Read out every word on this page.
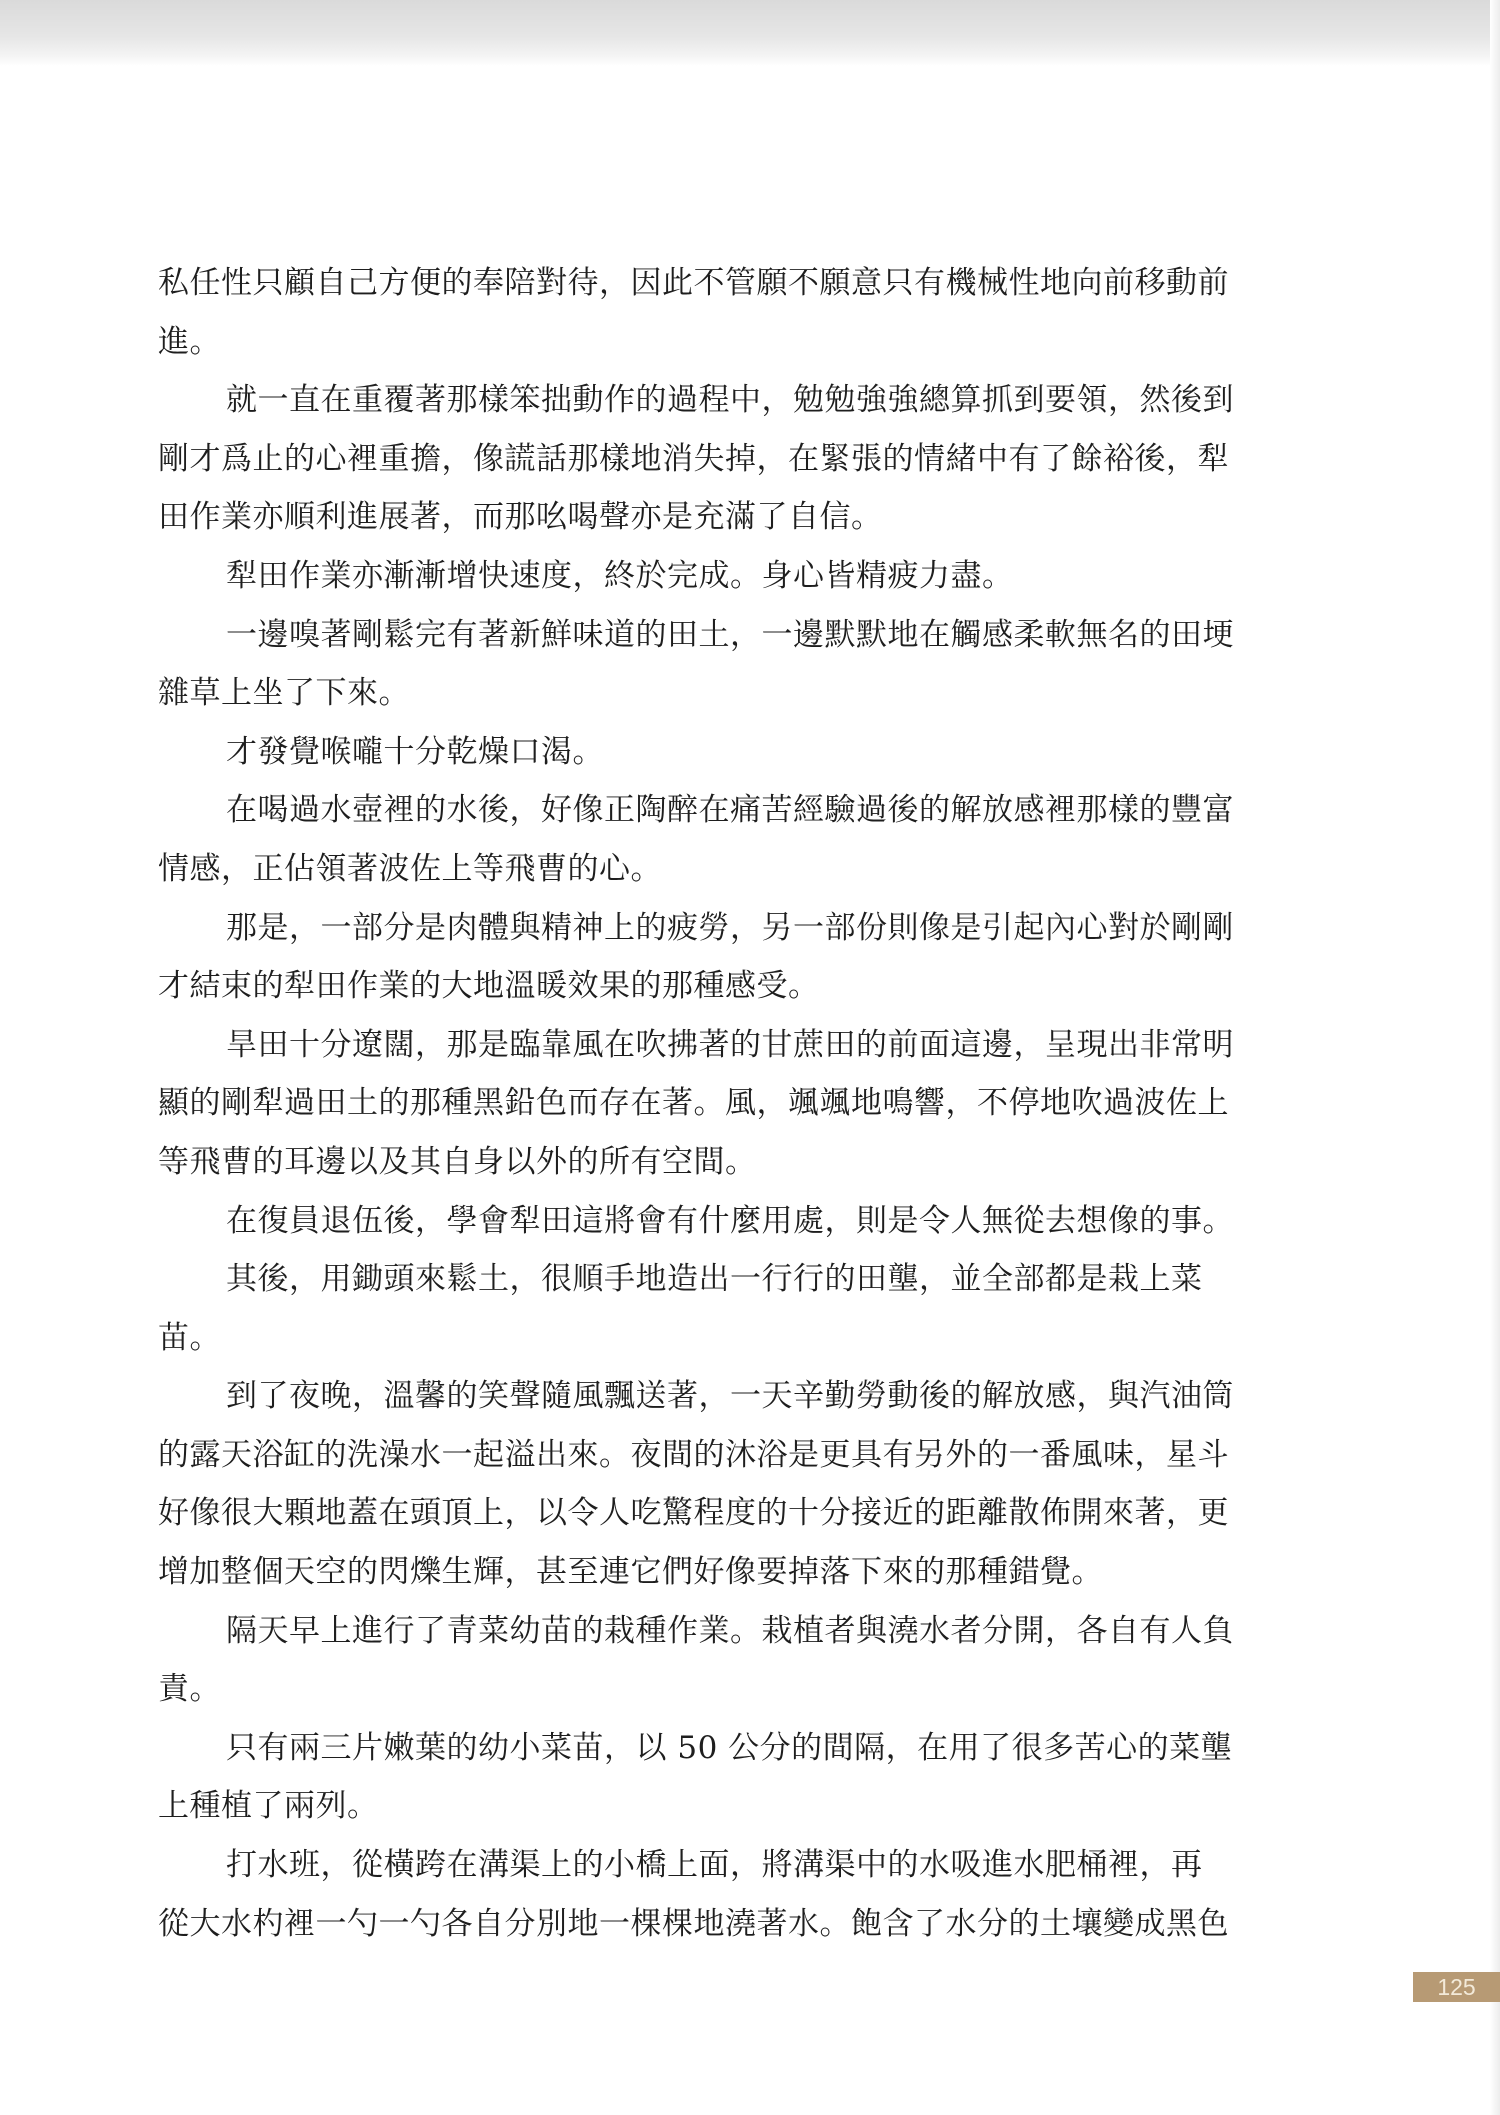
私任性只顧自己方便的奉陪對待，因此不管願不願意只有機械性地向前移動前
進。
就一直在重覆著那樣笨拙動作的過程中，勉勉強強總算抓到要領，然後到
剛才爲止的心裡重擔，像謊話那樣地消失掉，在緊張的情緒中有了餘裕後，犁
田作業亦順利進展著，而那吆喝聲亦是充滿了自信。
犁田作業亦漸漸增快速度，終於完成。身心皆精疲力盡。
一邊嗅著剛鬆完有著新鮮味道的田土，一邊默默地在觸感柔軟無名的田埂
雜草上坐了下來。
才發覺喉嚨十分乾燥口渴。
在喝過水壺裡的水後，好像正陶醉在痛苦經驗過後的解放感裡那樣的豐富
情感，正佔領著波佐上等飛曹的心。
那是，一部分是肉體與精神上的疲勞，另一部份則像是引起內心對於剛剛
才結束的犁田作業的大地溫暖效果的那種感受。
旱田十分遼闊，那是臨靠風在吹拂著的甘蔗田的前面這邊，呈現出非常明
顯的剛犁過田土的那種黑鉛色而存在著。風，颯颯地鳴響，不停地吹過波佐上
等飛曹的耳邊以及其自身以外的所有空間。
在復員退伍後，學會犁田這將會有什麼用處，則是令人無從去想像的事。
其後，用鋤頭來鬆土，很順手地造出一行行的田壟，並全部都是栽上菜
苗。
到了夜晚，溫馨的笑聲隨風飄送著，一天辛勤勞動後的解放感，與汽油筒
的露天浴缸的洗澡水一起溢出來。夜間的沐浴是更具有另外的一番風味，星斗
好像很大顆地蓋在頭頂上，以令人吃驚程度的十分接近的距離散佈開來著，更
增加整個天空的閃爍生輝，甚至連它們好像要掉落下來的那種錯覺。
隔天早上進行了青菜幼苗的栽種作業。栽植者與澆水者分開，各自有人負
責。
只有兩三片嫩葉的幼小菜苗，以 50 公分的間隔，在用了很多苦心的菜壟
上種植了兩列。
打水班，從橫跨在溝渠上的小橋上面，將溝渠中的水吸進水肥桶裡，再
從大水杓裡一勺一勺各自分別地一棵棵地澆著水。飽含了水分的土壤變成黑色
125
